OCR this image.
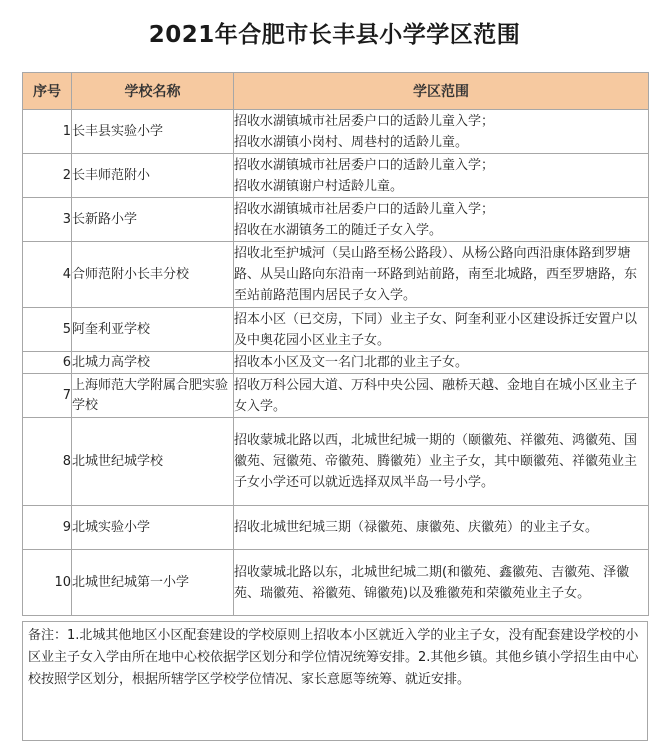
2021年合肥市长丰县小学学区范围
序号	学校名称	学区范围
1	长丰县实验小学	招收水湖镇城市社居委户口的适龄儿童入学；
招收水湖镇小岗村、周巷村的适龄儿童。
2	长丰师范附小	招收水湖镇城市社居委户口的适龄儿童入学；
招收水湖镇谢户村适龄儿童。
3	长新路小学	招收水湖镇城市社居委户口的适龄儿童入学；
招收在水湖镇务工的随迁子女入学。
4	合师范附小长丰分校	招收北至护城河（吴山路至杨公路段）、从杨公路向西沿康体路到罗塘路、从吴山路向东沿南一环路到站前路，南至北城路，西至罗塘路，东至站前路范围内居民子女入学。
5	阿奎利亚学校	招本小区（已交房，下同）业主子女、阿奎利亚小区建设拆迁安置户以及中奥花园小区业主子女。
6	北城力高学校	招收本小区及文一名门北郡的业主子女。
7	上海师范大学附属合肥实验学校	招收万科公园大道、万科中央公园、融桥天越、金地自在城小区业主子女入学。
8	北城世纪城学校	招收蒙城北路以西，北城世纪城一期的（颐徽苑、祥徽苑、鸿徽苑、国徽苑、冠徽苑、帝徽苑、腾徽苑）业主子女，其中颐徽苑、祥徽苑业主子女小学还可以就近选择双凤半岛一号小学。
9	北城实验小学	招收北城世纪城三期（禄徽苑、康徽苑、庆徽苑）的业主子女。
10	北城世纪城第一小学	招收蒙城北路以东，北城世纪城二期(和徽苑、鑫徽苑、吉徽苑、泽徽苑、瑞徽苑、裕徽苑、锦徽苑)以及雅徽苑和荣徽苑业主子女。
备注：1.北城其他地区小区配套建设的学校原则上招收本小区就近入学的业主子女，没有配套建设学校的小区业主子女入学由所在地中心校依据学区划分和学位情况统筹安排。2.其他乡镇。其他乡镇小学招生由中心校按照学区划分，根据所辖学区学校学位情况、家长意愿等统筹、就近安排。
